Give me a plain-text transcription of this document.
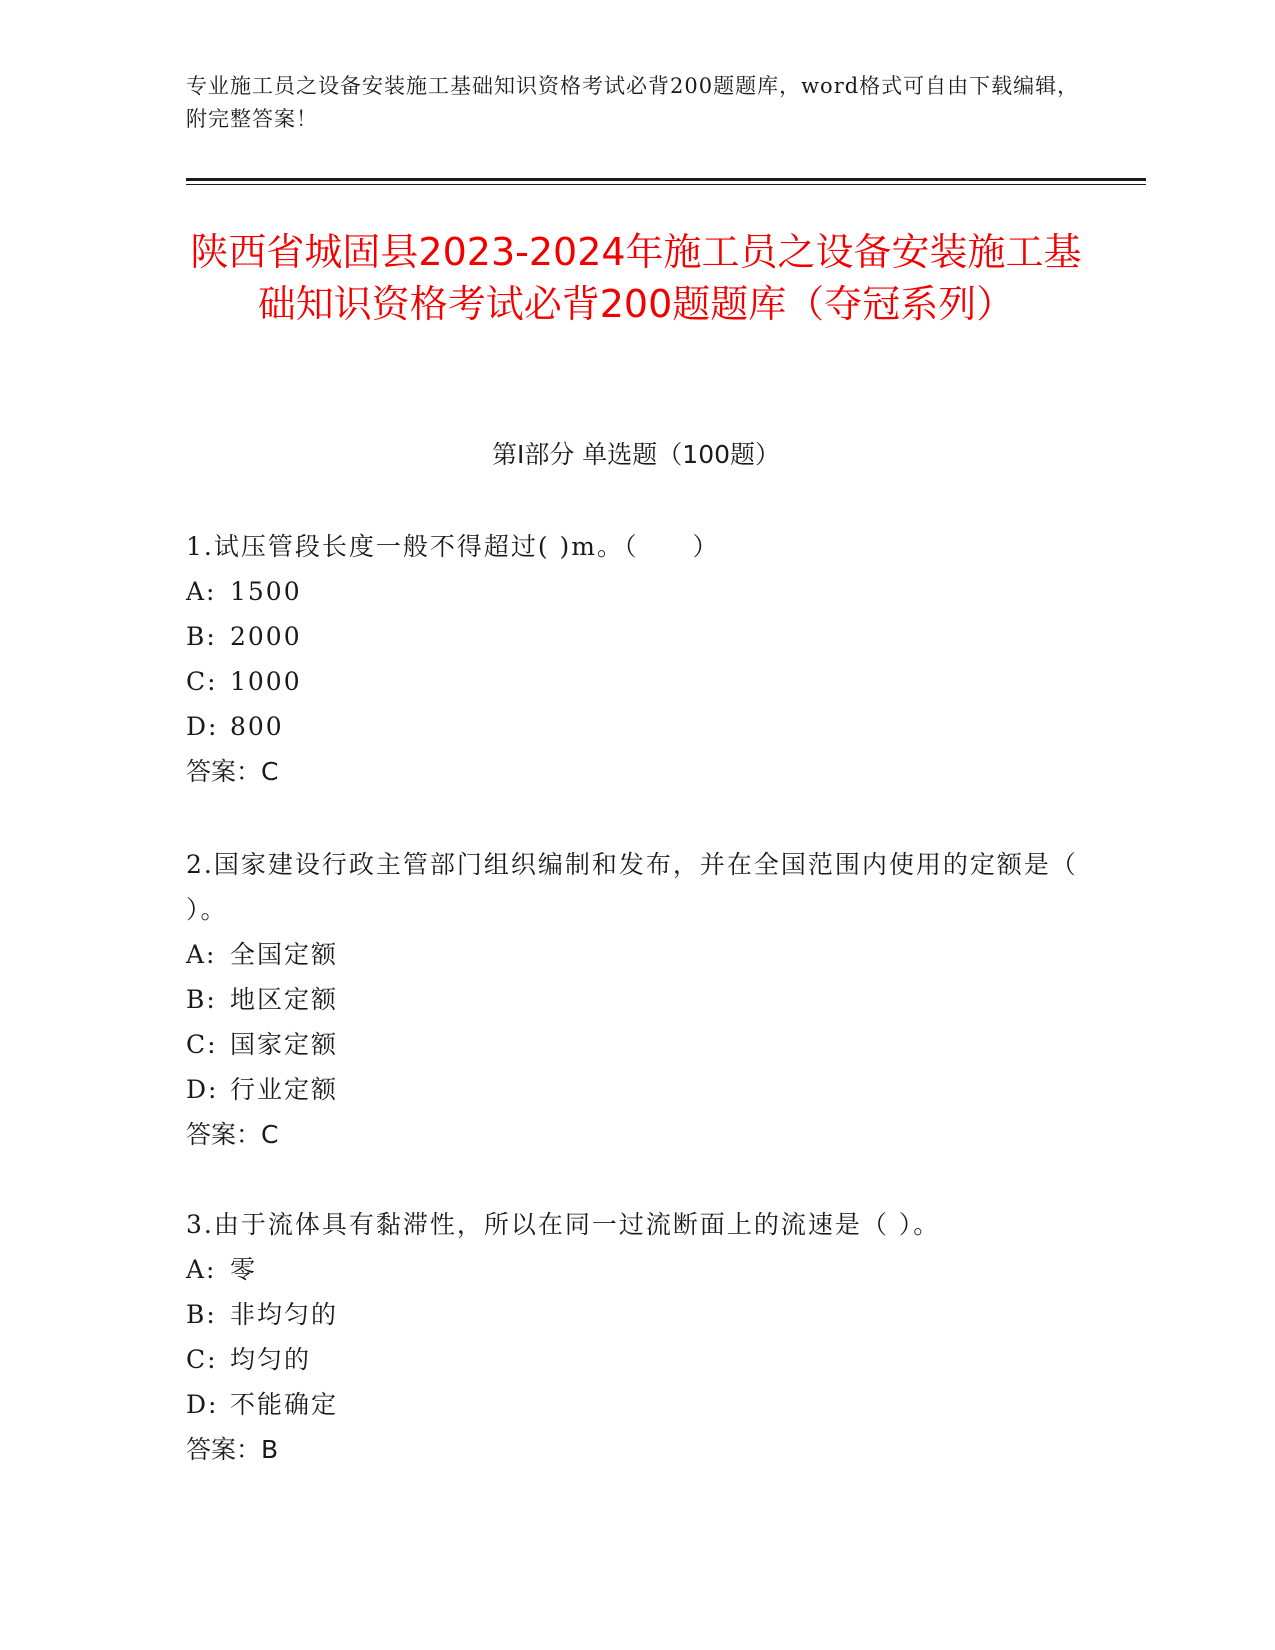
专业施工员之设备安装施工基础知识资格考试必背200题题库，word格式可自由下载编辑，附完整答案！
陕西省城固县2023-2024年施工员之设备安装施工基础知识资格考试必背200题题库（夺冠系列）
第Ⅰ部分 单选题（100题）
1.试压管段长度一般不得超过( )m。（　　）
A: 1500
B: 2000
C: 1000
D: 800
答案：C
2.国家建设行政主管部门组织编制和发布，并在全国范围内使用的定额是（ ）。
A: 全国定额
B: 地区定额
C: 国家定额
D: 行业定额
答案：C
3.由于流体具有黏滞性，所以在同一过流断面上的流速是（ ）。
A: 零
B: 非均匀的
C: 均匀的
D: 不能确定
答案：B
